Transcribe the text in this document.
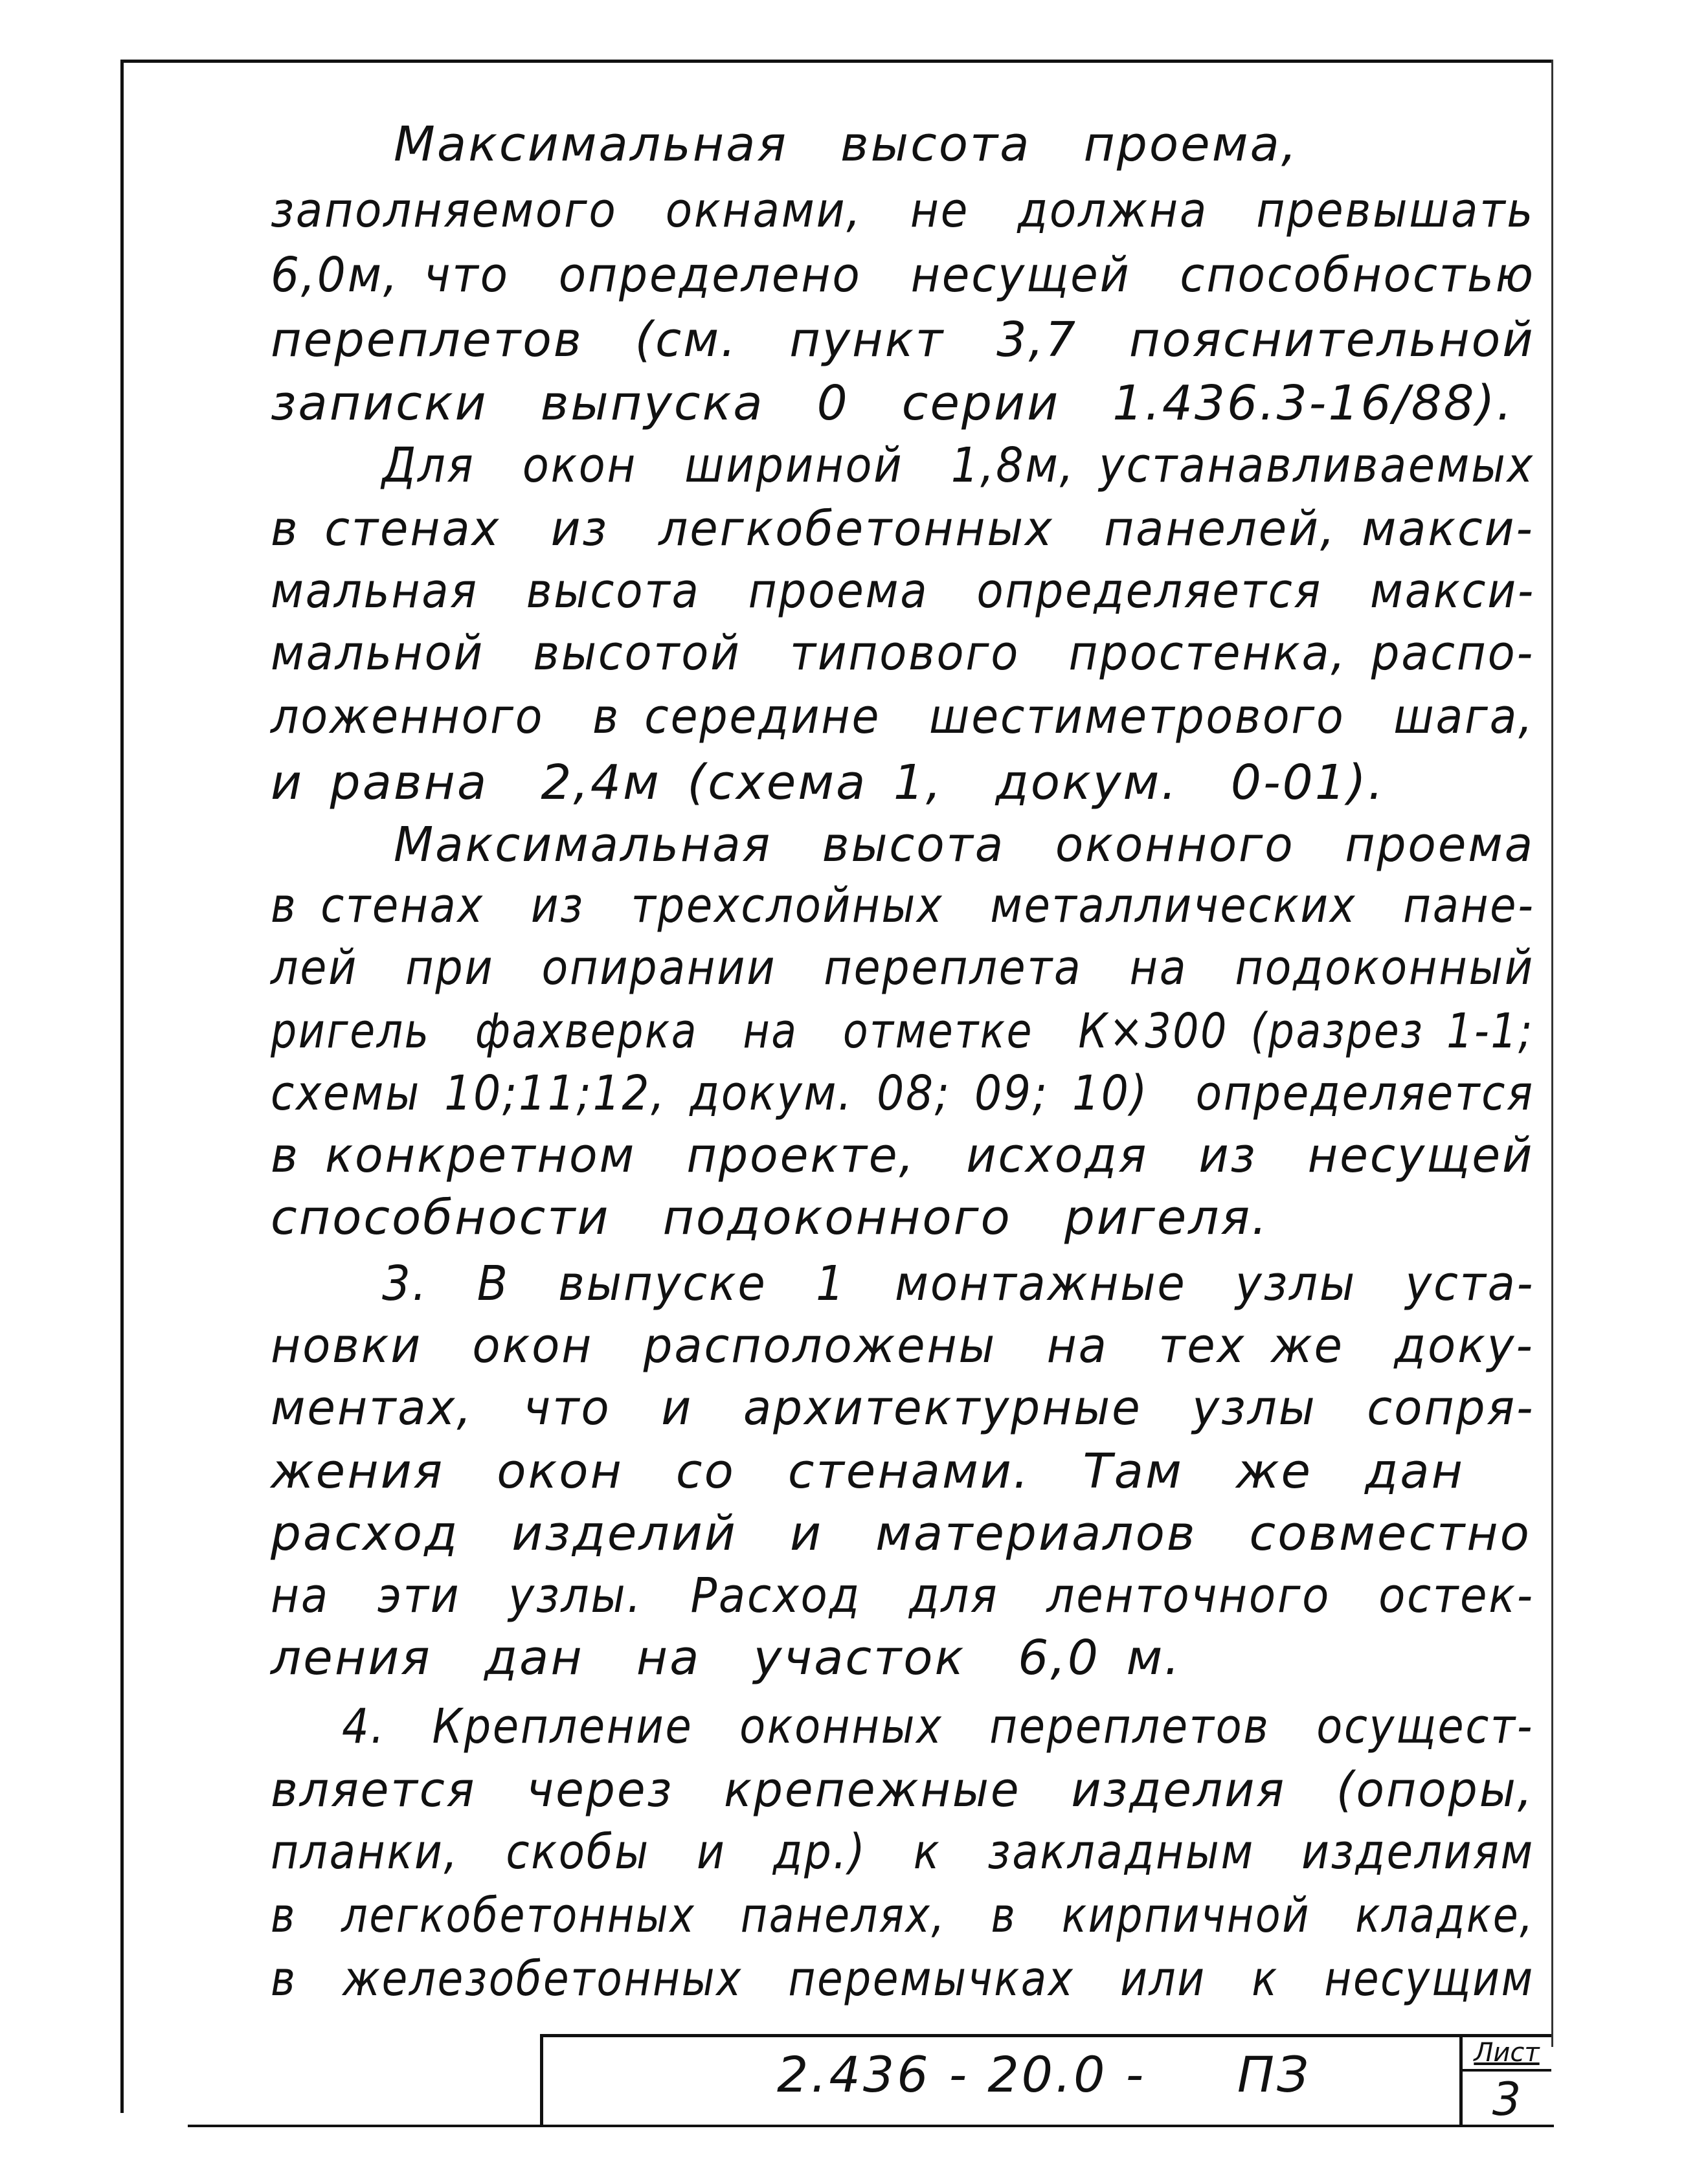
Максимальная  высота  проема,
заполняемого  окнами,  не  должна  превышать
6,0м, что  определено  несущей  способностью
переплетов  (см.  пункт  3,7  пояснительной
записки  выпуска  0  серии  1.436.3-16/88).
Для  окон  шириной  1,8м, устанавливаемых
в стенах  из  легкобетонных  панелей, макси-
мальная  высота  проема  определяется  макси-
мальной  высотой  типового  простенка, распо-
ложенного  в середине  шестиметрового  шага,
и равна  2,4м (схема 1,  докум.  0-01).
Максимальная  высота  оконного  проема
в стенах  из  трехслойных  металлических  пане-
лей  при  опирании  переплета  на  подоконный
ригель  фахверка  на  отметке  К×300 (разрез 1-1;
схемы 10;11;12, докум. 08; 09; 10)  определяется
в конкретном  проекте,  исходя  из  несущей
способности  подоконного  ригеля.
3.  В  выпуске  1  монтажные  узлы  уста-
новки  окон  расположены  на  тех же  доку-
ментах,  что  и  архитектурные  узлы  сопря-
жения  окон  со  стенами.  Там  же  дан
расход  изделий  и  материалов  совместно
на  эти  узлы.  Расход  для  ленточного  остек-
ления  дан  на  участок  6,0 м.
4.  Крепление  оконных  переплетов  осущест-
вляется  через  крепежные  изделия  (опоры,
планки,  скобы  и  др.)  к  закладным  изделиям
в  легкобетонных  панелях,  в  кирпичной  кладке,
в  железобетонных  перемычках  или  к  несущим
2.436 - 20.0 -     ПЗ	Лист
3
